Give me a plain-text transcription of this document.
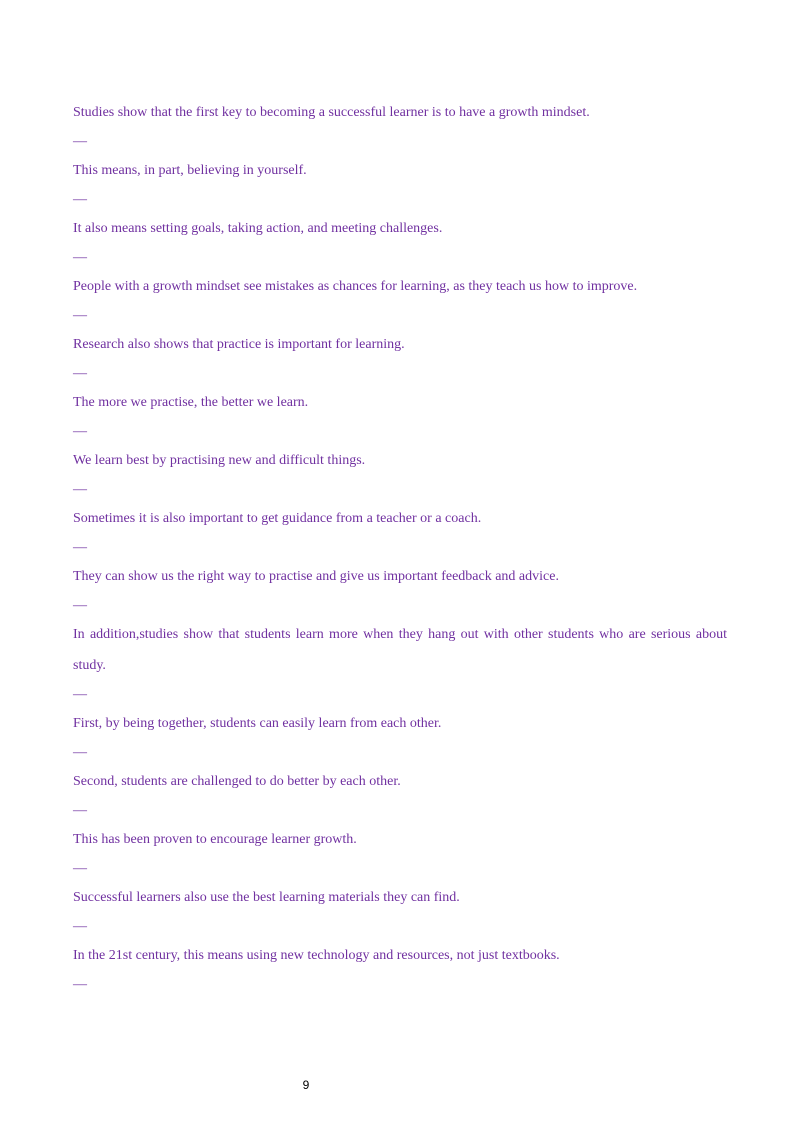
Studies show that the first key to becoming a successful learner is to have a growth mindset.

—

This means, in part, believing in yourself.

—

It also means setting goals, taking action, and meeting challenges.

—

People with a growth mindset see mistakes as chances for learning, as they teach us how to improve.

—

Research also shows that practice is important for learning.

—

The more we practise, the better we learn.

—

We learn best by practising new and difficult things.

—

Sometimes it is also important to get guidance from a teacher or a coach.

—

They can show us the right way to practise and give us important feedback and advice.

—

In addition,studies show that students learn more when they hang out with other students who are serious about study.

—

First, by being together, students can easily learn from each other.

—

Second, students are challenged to do better by each other.

—

This has been proven to encourage learner growth.

—

Successful learners also use the best learning materials they can find.

—

In the 21st century, this means using new technology and resources, not just textbooks.

—

9
